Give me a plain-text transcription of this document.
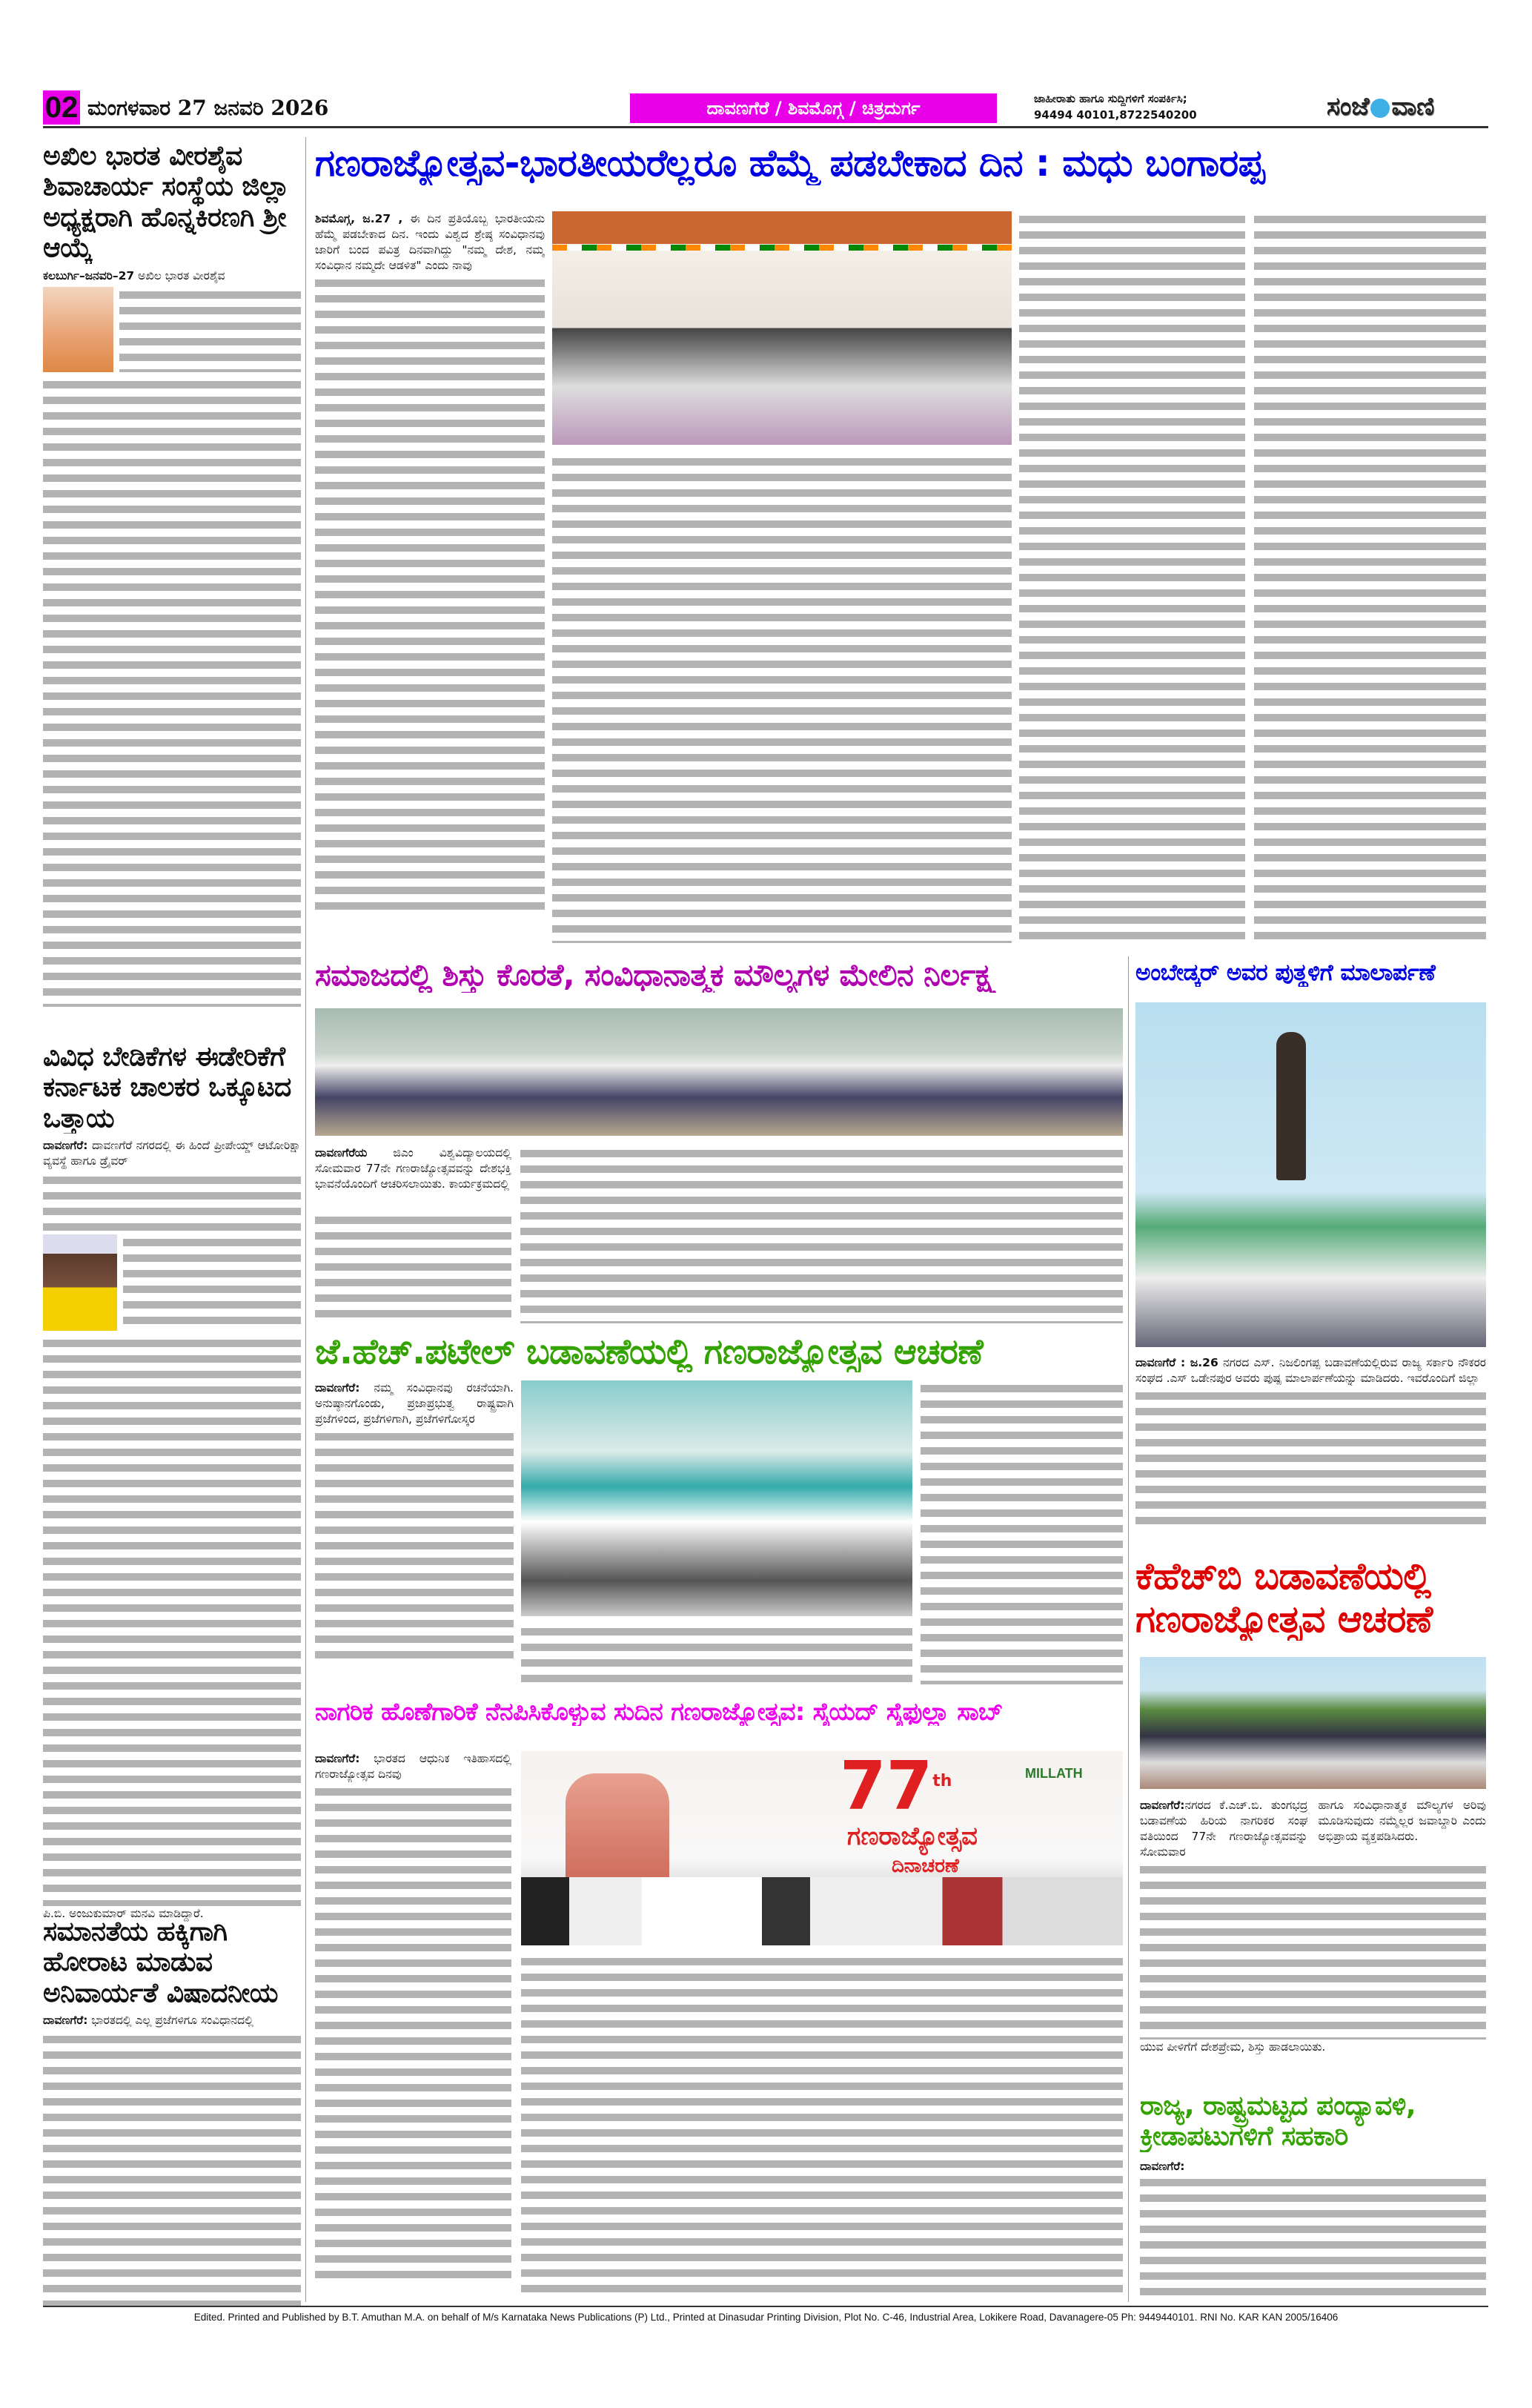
02 ಮಂಗಳವಾರ 27 ಜನವರಿ 2026	ದಾವಣಗೆರೆ / ಶಿವಮೊಗ್ಗ / ಚಿತ್ರದುರ್ಗ	ಜಾಹೀರಾತು ಹಾಗೂ ಸುದ್ದಿಗಳಿಗೆ ಸಂಪರ್ಕಿಸಿ;
94494 40101,8722540200	ಸಂಜೆ ವಾಣಿ
ಅಖಿಲ ಭಾರತ ವೀರಶೈವ ಶಿವಾಚಾರ್ಯ ಸಂಸ್ಥೆಯ ಜಿಲ್ಲಾ ಅಧ್ಯಕ್ಷರಾಗಿ ಹೊನ್ನಕಿರಣಗಿ ಶ್ರೀ ಆಯ್ಕೆ
ಕಲಬುರ್ಗಿ–ಜನವರಿ–27 ಅಖಿಲ ಭಾರತ ವೀರಶೈವ
ವಿವಿಧ ಬೇಡಿಕೆಗಳ ಈಡೇರಿಕೆಗೆ ಕರ್ನಾಟಕ ಚಾಲಕರ ಒಕ್ಕೂಟದ ಒತ್ತಾಯ
ದಾವಣಗೆರೆ: ದಾವಣಗೆರೆ ನಗರದಲ್ಲಿ ಈ ಹಿಂದೆ ಪ್ರೀಪೇಯ್ಡ್ ಆಟೋರಿಕ್ಷಾ ವ್ಯವಸ್ಥೆ ಹಾಗೂ ಡ್ರೈವರ್
ಪಿ.ಬಿ. ಅಂಜುಕುಮಾರ್ ಮನವಿ ಮಾಡಿದ್ದಾರೆ.
ಸಮಾನತೆಯ ಹಕ್ಕಿಗಾಗಿ ಹೋರಾಟ ಮಾಡುವ ಅನಿವಾರ್ಯತೆ ವಿಷಾದನೀಯ
ದಾವಣಗೆರೆ: ಭಾರತದಲ್ಲಿ ಎಲ್ಲ ಪ್ರಜೆಗಳಿಗೂ ಸಂವಿಧಾನದಲ್ಲಿ
ಗಣರಾಜ್ಯೋತ್ಸವ-ಭಾರತೀಯರೆಲ್ಲರೂ ಹೆಮ್ಮೆ ಪಡಬೇಕಾದ ದಿನ : ಮಧು ಬಂಗಾರಪ್ಪ
ಶಿವಮೊಗ್ಗ, ಜ.27 , ಈ ದಿನ ಪ್ರತಿಯೊಬ್ಬ ಭಾರತೀಯನು ಹೆಮ್ಮೆ ಪಡಬೇಕಾದ ದಿನ. ಇಂದು ವಿಶ್ವದ ಶ್ರೇಷ್ಠ ಸಂವಿಧಾನವು ಜಾರಿಗೆ ಬಂದ ಪವಿತ್ರ ದಿನವಾಗಿದ್ದು "ನಮ್ಮ ದೇಶ, ನಮ್ಮ ಸಂವಿಧಾನ ನಮ್ಮದೇ ಆಡಳಿತ" ಎಂದು ನಾವು
ಸಮಾಜದಲ್ಲಿ ಶಿಸ್ತು ಕೊರತೆ, ಸಂವಿಧಾನಾತ್ಮಕ ಮೌಲ್ಯಗಳ ಮೇಲಿನ ನಿರ್ಲಕ್ಷ್ಯ
ದಾವಣಗೆರೆಯ ಜಿಎಂ ವಿಶ್ವವಿದ್ಯಾಲಯದಲ್ಲಿ ಸೋಮವಾರ 77ನೇ ಗಣರಾಜ್ಯೋತ್ಸವವನ್ನು ದೇಶಭಕ್ತಿ ಭಾವನೆಯೊಂದಿಗೆ ಆಚರಿಸಲಾಯಿತು. ಕಾರ್ಯಕ್ರಮದಲ್ಲಿ
ಅಂಬೇಡ್ಕರ್ ಅವರ ಪುತ್ಥಳಿಗೆ ಮಾಲಾರ್ಪಣೆ
ದಾವಣಗೆರೆ : ಜ.26 ನಗರದ ಎಸ್. ನಿಜಲಿಂಗಪ್ಪ ಬಡಾವಣೆಯಲ್ಲಿರುವ ರಾಜ್ಯ ಸರ್ಕಾರಿ ನೌಕರರ ಸಂಘದ .ಎಸ್ ಒಡೇನಪುರ ಅವರು ಪುಷ್ಪ ಮಾಲಾರ್ಪಣೆಯನ್ನು ಮಾಡಿದರು. ಇವರೊಂದಿಗೆ ಜಿಲ್ಲಾ
ಕೆಹೆಚ್‌ಬಿ ಬಡಾವಣೆಯಲ್ಲಿ ಗಣರಾಜ್ಯೋತ್ಸವ ಆಚರಣೆ
ದಾವಣಗೆರೆ:ನಗರದ ಕೆ.ಎಚ್.ಬಿ. ತುಂಗಭದ್ರ ಬಡಾವಣೆಯ ಹಿರಿಯ ನಾಗರಿಕರ ಸಂಘ ವತಿಯಿಂದ 77ನೇ ಗಣರಾಜ್ಯೋತ್ಸವವನ್ನು ಸೋಮವಾರ
ಹಾಗೂ ಸಂವಿಧಾನಾತ್ಮಕ ಮೌಲ್ಯಗಳ ಅರಿವು ಮೂಡಿಸುವುದು ನಮ್ಮೆಲ್ಲರ ಜವಾಬ್ದಾರಿ ಎಂದು ಅಭಿಪ್ರಾಯ ವ್ಯಕ್ತಪಡಿಸಿದರು.
ಯುವ ಪೀಳಿಗೆಗೆ ದೇಶಪ್ರೇಮ, ಶಿಸ್ತು ಹಾಡಲಾಯಿತು.
ರಾಜ್ಯ, ರಾಷ್ಟ್ರಮಟ್ಟದ ಪಂದ್ಯಾವಳಿ, ಕ್ರೀಡಾಪಟುಗಳಿಗೆ ಸಹಕಾರಿ
ದಾವಣಗೆರೆ:
ಜೆ.ಹೆಚ್.ಪಟೇಲ್ ಬಡಾವಣೆಯಲ್ಲಿ ಗಣರಾಜ್ಯೋತ್ಸವ ಆಚರಣೆ
ದಾವಣಗೆರೆ: ನಮ್ಮ ಸಂವಿಧಾನವು ರಚನೆಯಾಗಿ. ಅನುಷ್ಠಾನಗೊಂಡು, ಪ್ರಜಾಪ್ರಭುತ್ವ ರಾಷ್ಟ್ರವಾಗಿ ಪ್ರಜೆಗಳಿಂದ, ಪ್ರಜೆಗಳಿಗಾಗಿ, ಪ್ರಜೆಗಳಿಗೋಸ್ಕರ
ನಾಗರಿಕ ಹೊಣೆಗಾರಿಕೆ ನೆನಪಿಸಿಕೊಳ್ಳುವ ಸುದಿನ ಗಣರಾಜ್ಯೋತ್ಸವ: ಸೈಯದ್ ಸೈಫುಲ್ಲಾ ಸಾಬ್
ದಾವಣಗೆರೆ: ಭಾರತದ ಆಧುನಿಕ ಇತಿಹಾಸದಲ್ಲಿ ಗಣರಾಜ್ಯೋತ್ಸವ ದಿನವು	77th
ಗಣರಾಜ್ಯೋತ್ಸವ
ದಿನಾಚರಣೆ
MILLATH
Edited. Printed and Published by B.T. Amuthan M.A. on behalf of M/s Karnataka News Publications (P) Ltd., Printed at Dinasudar Printing Division, Plot No. C-46, Industrial Area, Lokikere Road, Davanagere-05 Ph: 9449440101. RNI No. KAR KAN 2005/16406
